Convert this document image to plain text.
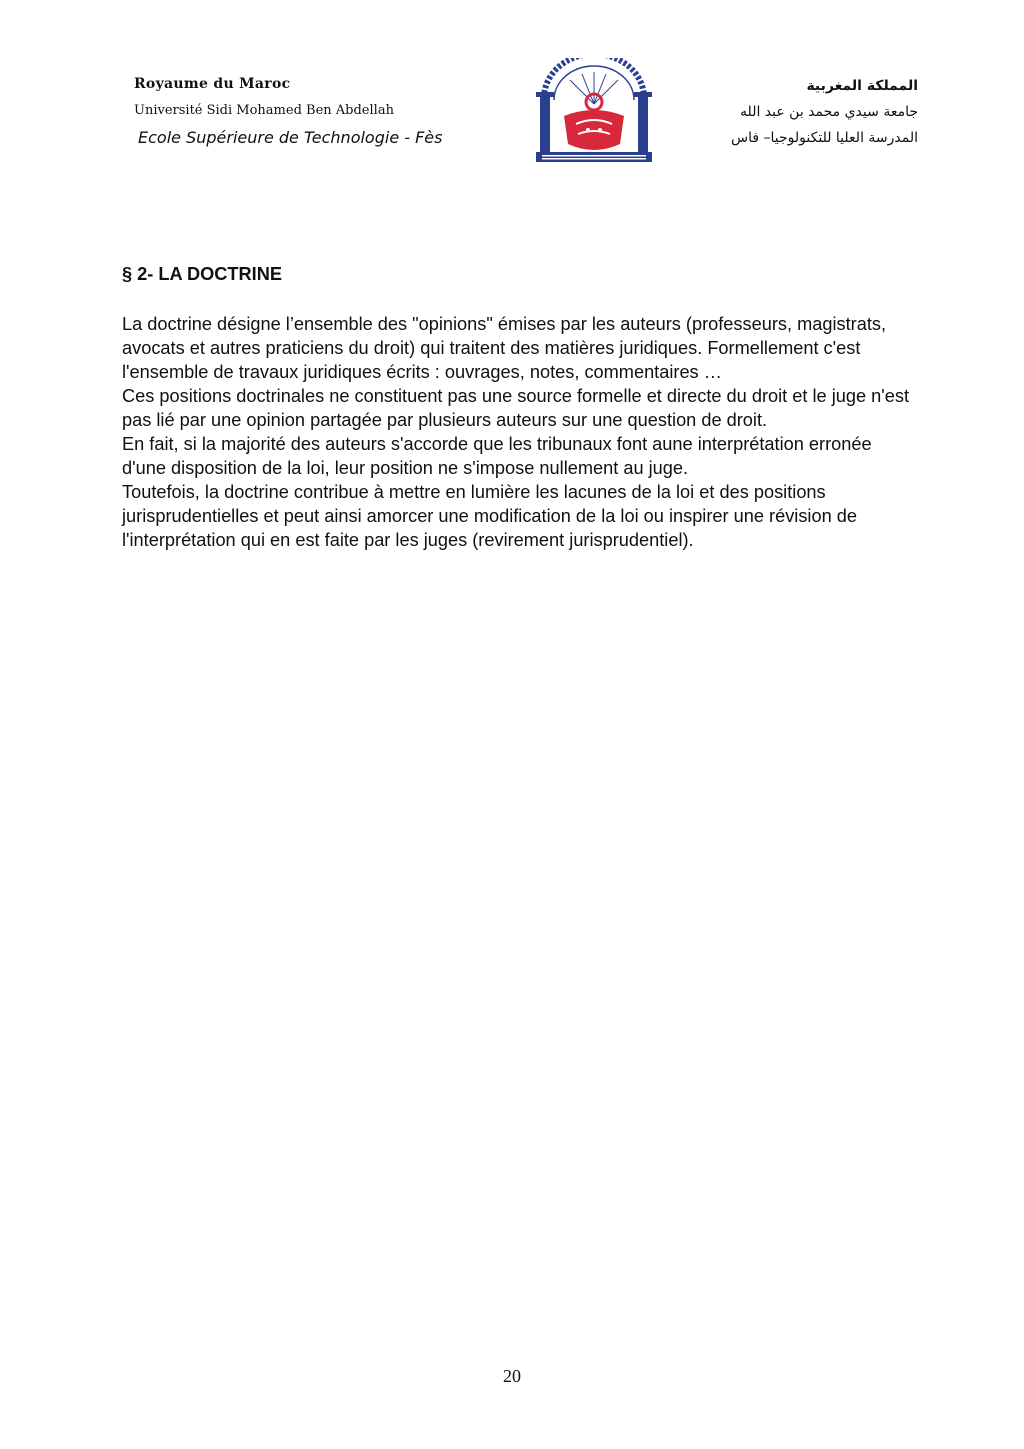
Royaume du Maroc
Université Sidi Mohamed Ben Abdellah
Ecole Supérieure de Technologie - Fès
المملكة المغربية
جامعة سيدي محمد بن عبد الله
المدرسة العليا للتكنولوجيا– فاس

§ 2- LA DOCTRINE

La doctrine désigne l’ensemble des "opinions" émises par les auteurs (professeurs, magistrats, avocats et autres praticiens du droit) qui traitent des matières juridiques. Formellement c'est l'ensemble de travaux juridiques écrits : ouvrages, notes, commentaires …

Ces positions doctrinales ne constituent pas une source formelle et directe du droit et le juge n'est pas lié par une opinion partagée par plusieurs auteurs sur une question de droit.

En fait, si la majorité des auteurs s'accorde que les tribunaux font aune interprétation erronée d'une disposition de la loi, leur position ne s'impose nullement au juge.

Toutefois, la doctrine contribue à mettre en lumière les lacunes de la loi et des positions jurisprudentielles et peut ainsi amorcer une modification de la loi ou inspirer une révision de l'interprétation qui en est faite par les juges (revirement jurisprudentiel).

20
